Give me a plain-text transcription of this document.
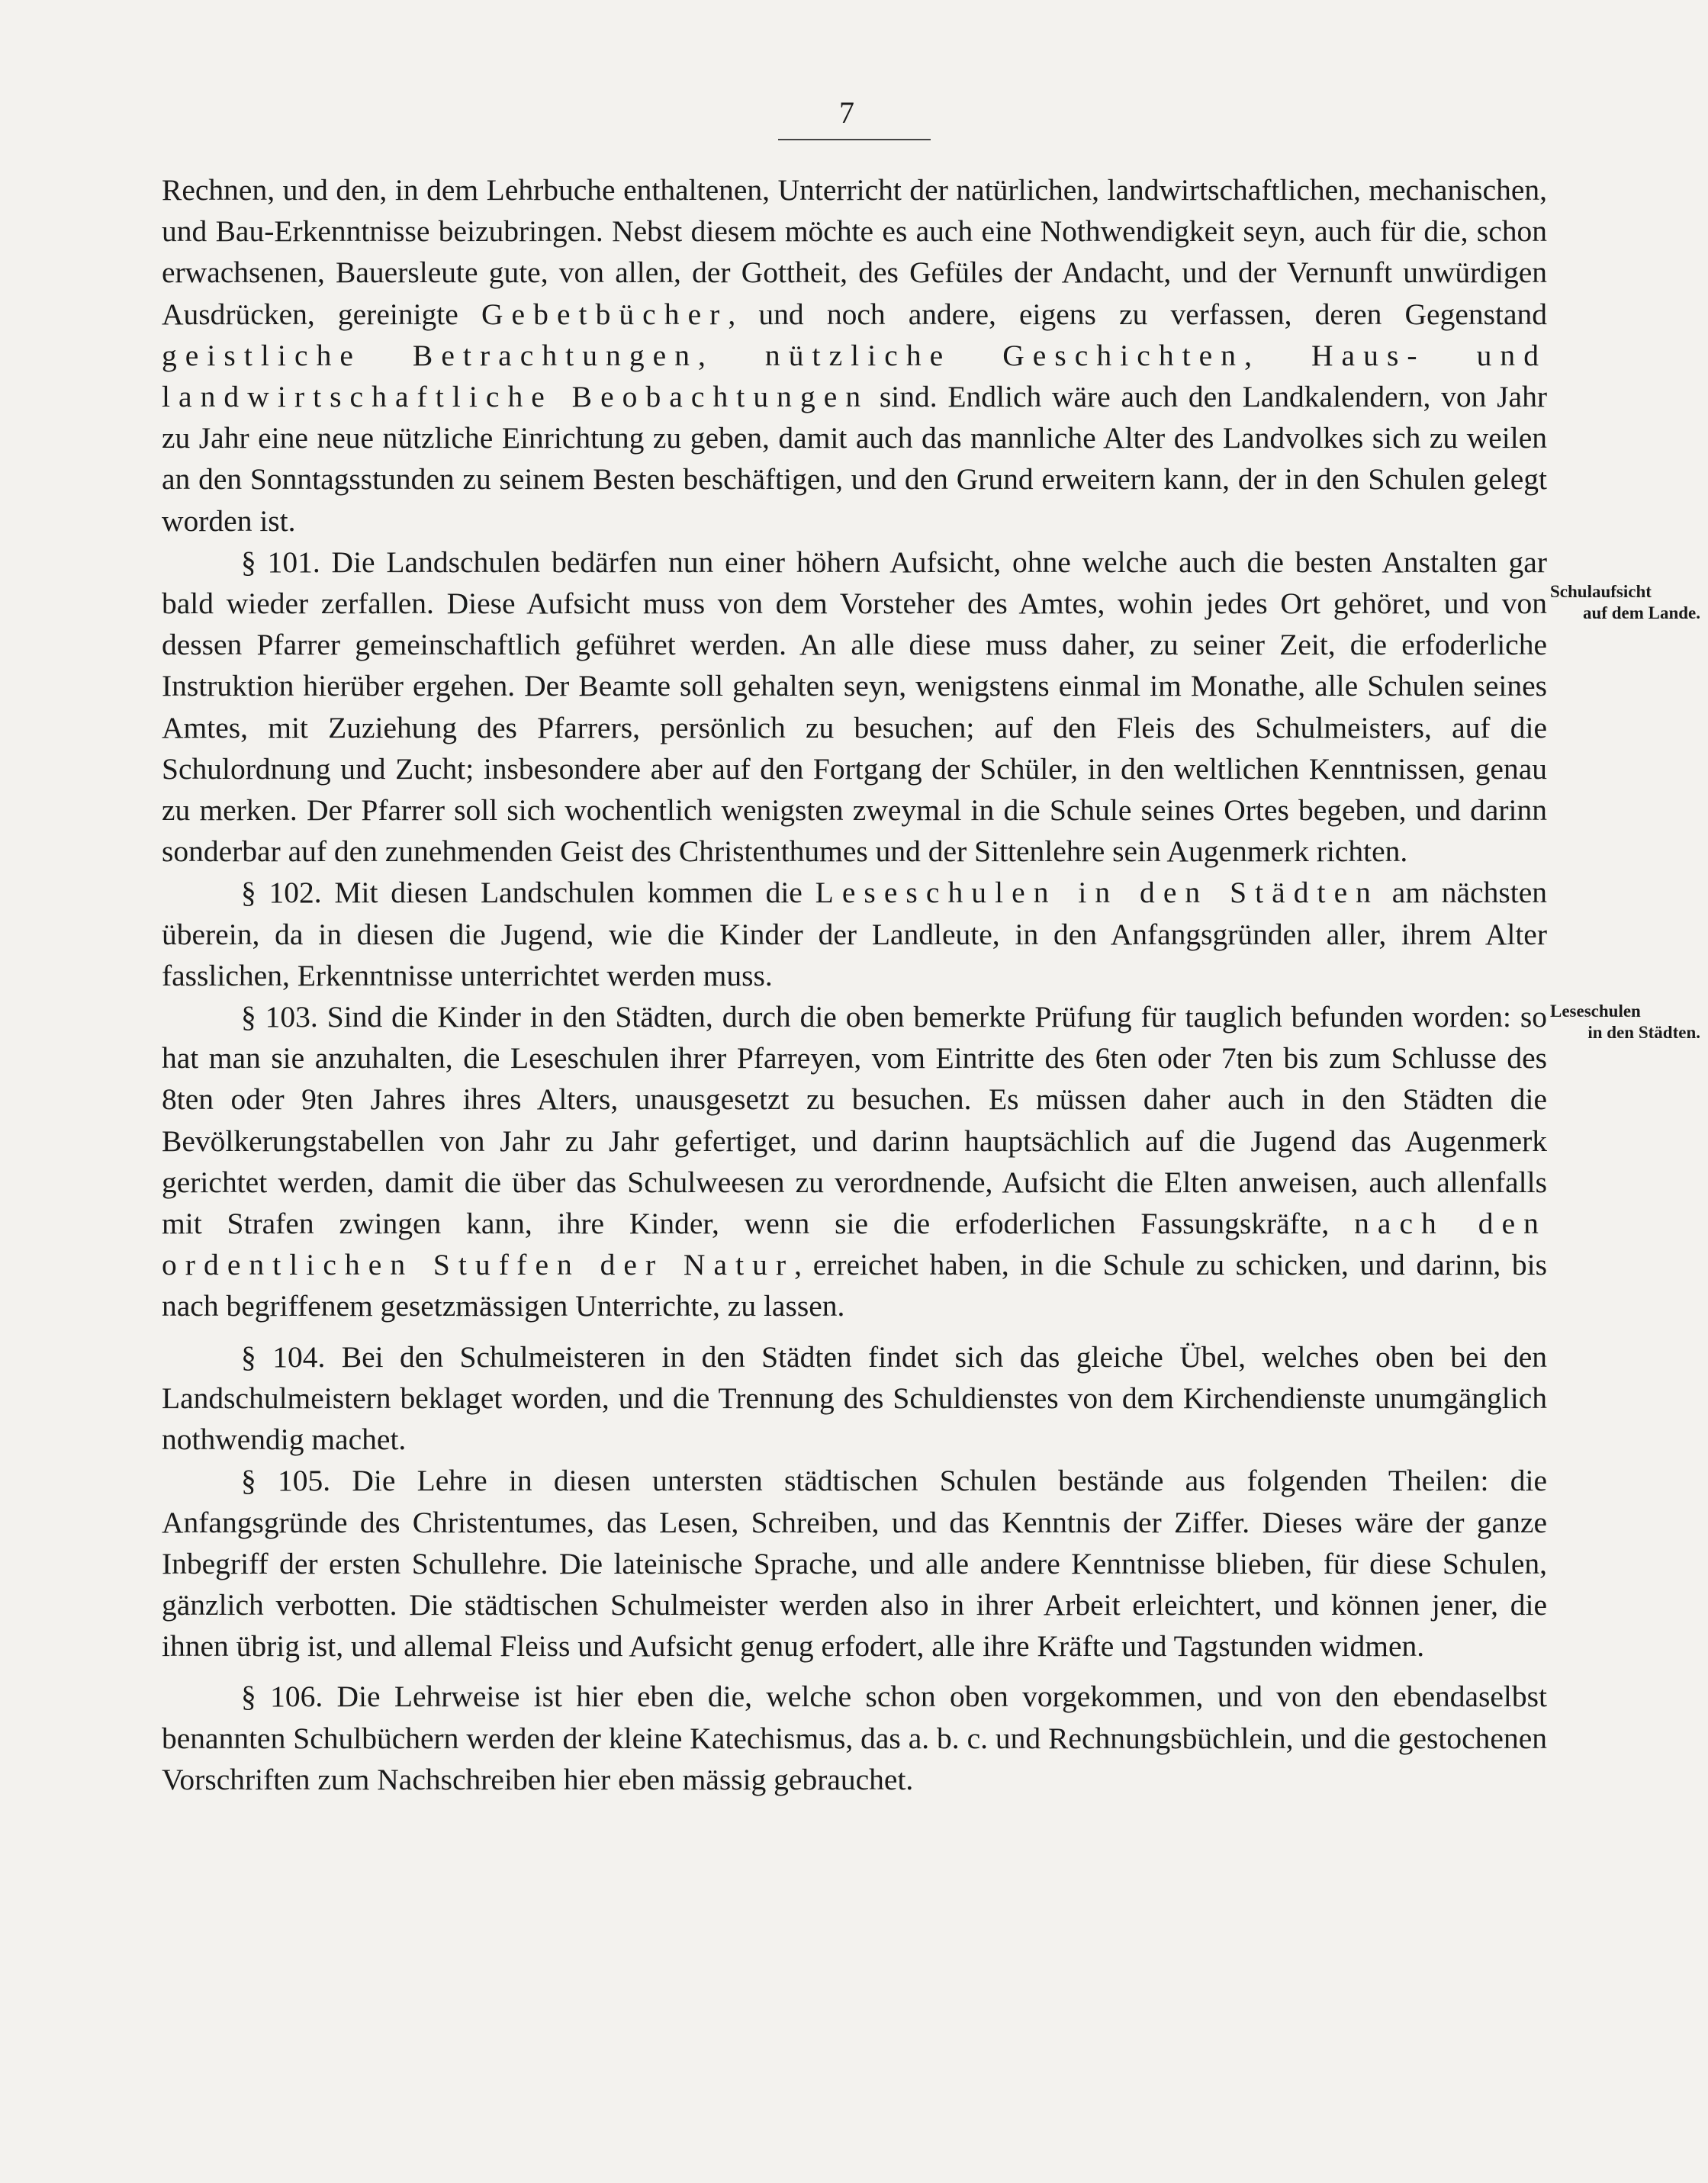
7
Schulaufsicht
auf dem Lande.
Leseschulen
in den Städten.

Rechnen, und den, in dem Lehrbuche enthaltenen, Unterricht der natürlichen, landwirtschaftlichen, mechanischen, und Bau-Erkenntnisse beizubringen. Nebst diesem möchte es auch eine Nothwendigkeit seyn, auch für die, schon erwachsenen, Bauersleute gute, von allen, der Gottheit, des Gefüles der Andacht, und der Vernunft unwürdigen Ausdrücken, gereinigte Gebetbücher, und noch andere, eigens zu verfassen, deren Gegenstand geistliche Betrachtungen, nützliche Geschichten, Haus- und landwirtschaftliche Beobachtungen sind. Endlich wäre auch den Landkalendern, von Jahr zu Jahr eine neue nützliche Einrichtung zu geben, damit auch das mannliche Alter des Landvolkes sich zu weilen an den Sonntagsstunden zu seinem Besten beschäftigen, und den Grund erweitern kann, der in den Schulen gelegt worden ist.

§ 101. Die Landschulen bedärfen nun einer höhern Aufsicht, ohne welche auch die besten Anstalten gar bald wieder zerfallen. Diese Aufsicht muss von dem Vorsteher des Amtes, wohin jedes Ort gehöret, und von dessen Pfarrer gemeinschaftlich geführet werden. An alle diese muss daher, zu seiner Zeit, die erfoderliche Instruktion hierüber ergehen. Der Beamte soll gehalten seyn, wenigstens einmal im Monathe, alle Schulen seines Amtes, mit Zuziehung des Pfarrers, persönlich zu besuchen; auf den Fleis des Schulmeisters, auf die Schulordnung und Zucht; insbesondere aber auf den Fortgang der Schüler, in den weltlichen Kenntnissen, genau zu merken. Der Pfarrer soll sich wochentlich wenigsten zweymal in die Schule seines Ortes begeben, und darinn sonderbar auf den zunehmenden Geist des Christenthumes und der Sittenlehre sein Augenmerk richten.

§ 102. Mit diesen Landschulen kommen die Leseschulen in den Städten am nächsten überein, da in diesen die Jugend, wie die Kinder der Landleute, in den Anfangsgründen aller, ihrem Alter fasslichen, Erkenntnisse unterrichtet werden muss.

§ 103. Sind die Kinder in den Städten, durch die oben bemerkte Prüfung für tauglich befunden worden: so hat man sie anzuhalten, die Leseschulen ihrer Pfarreyen, vom Eintritte des 6ten oder 7ten bis zum Schlusse des 8ten oder 9ten Jahres ihres Alters, unausgesetzt zu besuchen. Es müssen daher auch in den Städten die Bevölkerungstabellen von Jahr zu Jahr gefertiget, und darinn hauptsächlich auf die Jugend das Augenmerk gerichtet werden, damit die über das Schulweesen zu verordnende, Aufsicht die Elten anweisen, auch allenfalls mit Strafen zwingen kann, ihre Kinder, wenn sie die erfoderlichen Fassungskräfte, nach den ordentlichen Stuffen der Natur, erreichet haben, in die Schule zu schicken, und darinn, bis nach begriffenem gesetzmässigen Unterrichte, zu lassen.

§ 104. Bei den Schulmeisteren in den Städten findet sich das gleiche Übel, welches oben bei den Landschulmeistern beklaget worden, und die Trennung des Schuldienstes von dem Kirchendienste unumgänglich nothwendig machet.

§ 105. Die Lehre in diesen untersten städtischen Schulen bestände aus folgenden Theilen: die Anfangsgründe des Christentumes, das Lesen, Schreiben, und das Kenntnis der Ziffer. Dieses wäre der ganze Inbegriff der ersten Schullehre. Die lateinische Sprache, und alle andere Kenntnisse blieben, für diese Schulen, gänzlich verbotten. Die städtischen Schulmeister werden also in ihrer Arbeit erleichtert, und können jener, die ihnen übrig ist, und allemal Fleiss und Aufsicht genug erfodert, alle ihre Kräfte und Tagstunden widmen.

§ 106. Die Lehrweise ist hier eben die, welche schon oben vorgekommen, und von den ebendaselbst benannten Schulbüchern werden der kleine Katechismus, das a. b. c. und Rechnungsbüchlein, und die gestochenen Vorschriften zum Nachschreiben hier eben mässig gebrauchet.
